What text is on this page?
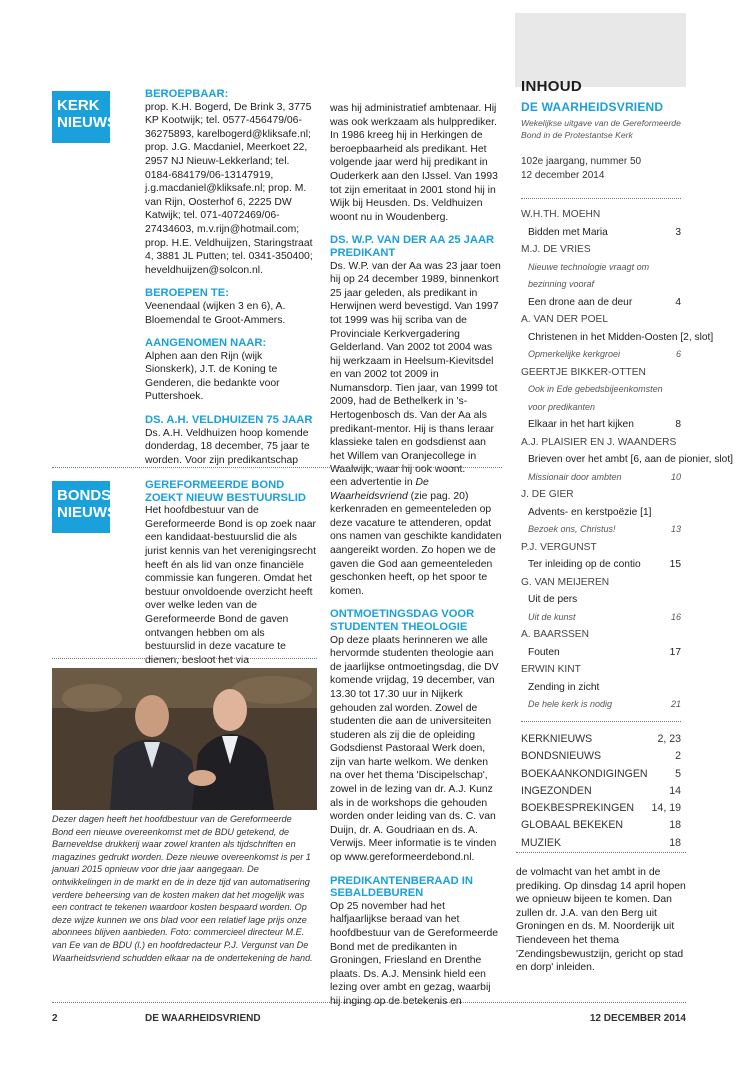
KERK
NIEUWS
BONDS
NIEUWS
BEROEPBAAR:

prop. K.H. Bogerd, De Brink 3, 3775 KP Kootwijk; tel. 0577-456479/06-36275893, karelbogerd@kliksafe.nl; prop. J.G. Macdaniel, Meerkoet 22, 2957 NJ Nieuw-Lekkerland; tel. 0184-684179/06-13147919, j.g.macdaniel@kliksafe.nl; prop. M. van Rijn, Oosterhof 6, 2225 DW Katwijk; tel. 071-4072469/06-27434603, m.v.rijn@hotmail.com; prop. H.E. Veldhuijzen, Staringstraat 4, 3881 JL Putten; tel. 0341-350400; heveldhuijzen@solcon.nl.

BEROEPEN TE:

Veenendaal (wijken 3 en 6), A. Bloemendal te Groot-Ammers.

AANGENOMEN NAAR:

Alphen aan den Rijn (wijk Sionskerk), J.T. de Koning te Genderen, die bedankte voor Puttershoek.

DS. A.H. VELDHUIZEN 75 JAAR

Ds. A.H. Veldhuizen hoop komende donderdag, 18 december, 75 jaar te worden. Voor zijn predikantschap

was hij administratief ambtenaar. Hij was ook werkzaam als hulpprediker. In 1986 kreeg hij in Herkingen de beroepbaarheid als predikant. Het volgende jaar werd hij predikant in Ouderkerk aan den IJssel. Van 1993 tot zijn emeritaat in 2001 stond hij in Wijk bij Heusden. Ds. Veldhuizen woont nu in Woudenberg.

DS. W.P. VAN DER AA 25 JAAR PREDIKANT

Ds. W.P. van der Aa was 23 jaar toen hij op 24 december 1989, binnenkort 25 jaar geleden, als predikant in Herwijnen werd bevestigd. Van 1997 tot 1999 was hij scriba van de Provinciale Kerkvergadering Gelderland. Van 2002 tot 2004 was hij werkzaam in Heelsum-Kievitsdel en van 2002 tot 2009 in Numansdorp. Tien jaar, van 1999 tot 2009, had de Bethelkerk in 's-Hertogenbosch ds. Van der Aa als predikant-mentor. Hij is thans leraar klassieke talen en godsdienst aan het Willem van Oranjecollege in Waalwijk, waar hij ook woont.

GEREFORMEERDE BOND ZOEKT NIEUW BESTUURSLID

Het hoofdbestuur van de Gereformeerde Bond is op zoek naar een kandidaat-bestuurslid die als jurist kennis van het verenigingsrecht heeft én als lid van onze financiële commissie kan fungeren. Omdat het bestuur onvoldoende overzicht heeft over welke leden van de Gereformeerde Bond de gaven ontvangen hebben om als bestuurslid in deze vacature te dienen, besloot het via

een advertentie in De Waarheidsvriend (zie pag. 20) kerkenraden en gemeenteleden op deze vacature te attenderen, opdat ons namen van geschikte kandidaten aangereikt worden. Zo hopen we de gaven die God aan gemeenteleden geschonken heeft, op het spoor te komen.

ONTMOETINGSDAG VOOR STUDENTEN THEOLOGIE

Op deze plaats herinneren we alle hervormde studenten theologie aan de jaarlijkse ontmoetingsdag, die DV komende vrijdag, 19 december, van 13.30 tot 17.30 uur in Nijkerk gehouden zal worden. Zowel de studenten die aan de universiteiten studeren als zij die de opleiding Godsdienst Pastoraal Werk doen, zijn van harte welkom. We denken na over het thema 'Discipelschap', zowel in de lezing van dr. A.J. Kunz als in de workshops die gehouden worden onder leiding van ds. C. van Duijn, dr. A. Goudriaan en ds. A. Verwijs. Meer informatie is te vinden op www.gereformeerdebond.nl.

PREDIKANTENBERAAD IN SEBALDEBUREN

Op 25 november had het halfjaarlijkse beraad van het hoofdbestuur van de Gereformeerde Bond met de predikanten in Groningen, Friesland en Drenthe plaats. Ds. A.J. Mensink hield een lezing over ambt en gezag, waarbij hij inging op de betekenis en

Dezer dagen heeft het hoofdbestuur van de Gereformeerde Bond een nieuwe overeenkomst met de BDU getekend, de Barneveldse drukkerij waar zowel kranten als tijdschriften en magazines gedrukt worden. Deze nieuwe overeenkomst is per 1 januari 2015 opnieuw voor drie jaar aangegaan. De ontwikkelingen in de markt en de in deze tijd van automatisering verdere beheersing van de kosten maken dat het mogelijk was een contract te tekenen waardoor kosten bespaard worden. Op deze wijze kunnen we ons blad voor een relatief lage prijs onze abonnees blijven aanbieden. Foto: commercieel directeur M.E. van Ee van de BDU (l.) en hoofdredacteur P.J. Vergunst van De Waarheidsvriend schudden elkaar na de ondertekening de hand.

de volmacht van het ambt in de prediking. Op dinsdag 14 april hopen we opnieuw bijeen te komen. Dan zullen dr. J.A. van den Berg uit Groningen en ds. M. Noorderijk uit Tiendeveen het thema 'Zendingsbewustzijn, gericht op stad en dorp' inleiden.

INHOUD
DE WAARHEIDSVRIEND
Wekelijkse uitgave van de Gereformeerde Bond in de Protestantse Kerk
102e jaargang, nummer 50
12 december 2014
W.H.TH. MOEHN
Bidden met Maria	3
M.J. DE VRIES
Nieuwe technologie vraagt om bezinning vooraf
Een drone aan de deur	4
A. VAN DER POEL
Christenen in het Midden-Oosten [2, slot]
Opmerkelijke kerkgroei	6
GEERTJE BIKKER-OTTEN
Ook in Ede gebedsbijeenkomsten voor predikanten
Elkaar in het hart kijken	8
A.J. PLAISIER EN J. WAANDERS
Brieven over het ambt [6, aan de pionier, slot]
Missionair door ambten	10
J. DE GIER
Advents- en kerstpoëzie [1]
Bezoek ons, Christus!	13
P.J. VERGUNST
Ter inleiding op de contio	15
G. VAN MEIJEREN
Uit de pers
Uit de kunst	16
A. BAARSSEN
Fouten	17
ERWIN KINT
Zending in zicht
De hele kerk is nodig	21
KERKNIEUWS	2, 23
BONDSNIEUWS	2
BOEKAANKONDIGINGEN	5
INGEZONDEN	14
BOEKBESPREKINGEN 14, 19
GLOBAAL BEKEKEN	18
MUZIEK	18
2	DE WAARHEIDSVRIEND	12 DECEMBER 2014
